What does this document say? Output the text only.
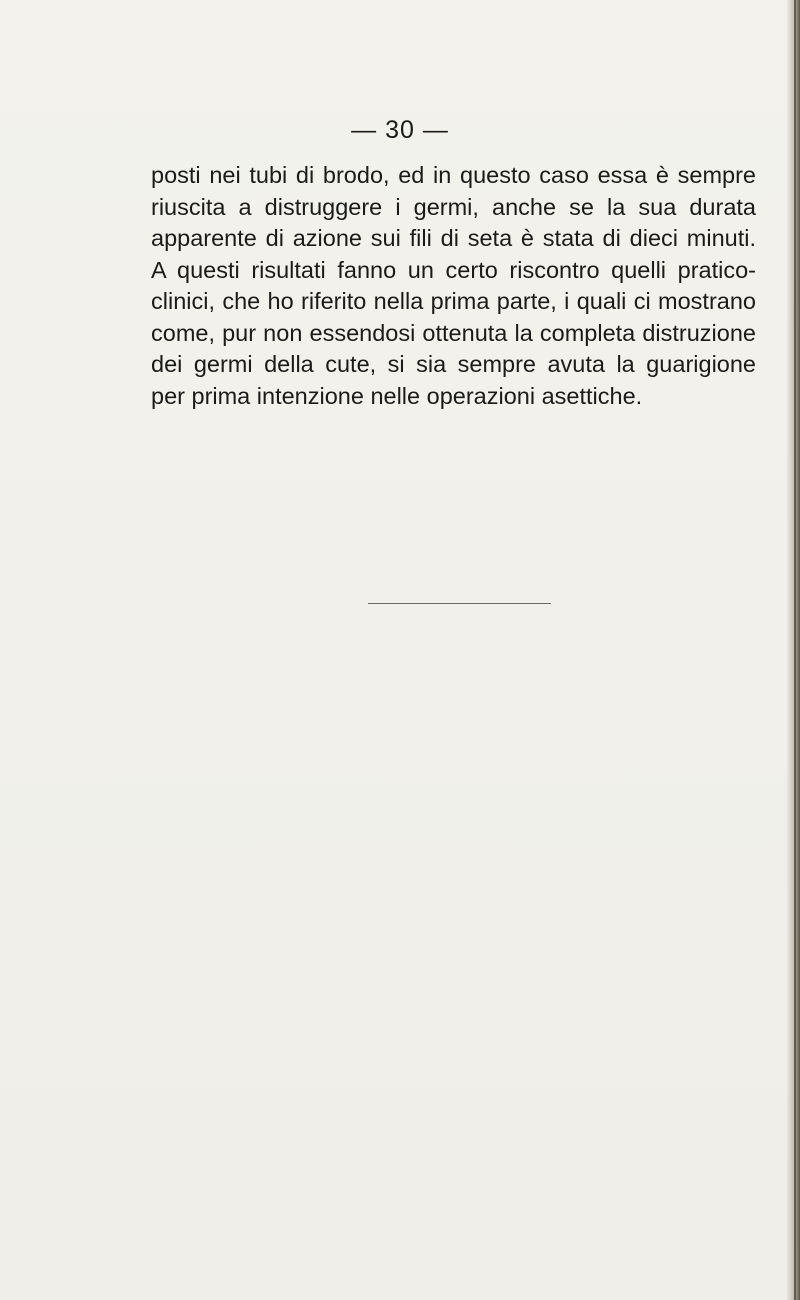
— 30 —
posti nei tubi di brodo, ed in questo caso essa è sempre
riuscita a distruggere i germi, anche se la sua durata
apparente di azione sui fili di seta è stata di dieci minuti.
A questi risultati fanno un certo riscontro quelli pratico-
clinici, che ho riferito nella prima parte, i quali ci mostrano
come, pur non essendosi ottenuta la completa distruzione
dei germi della cute, si sia sempre avuta la guarigione
per prima intenzione nelle operazioni asettiche.
